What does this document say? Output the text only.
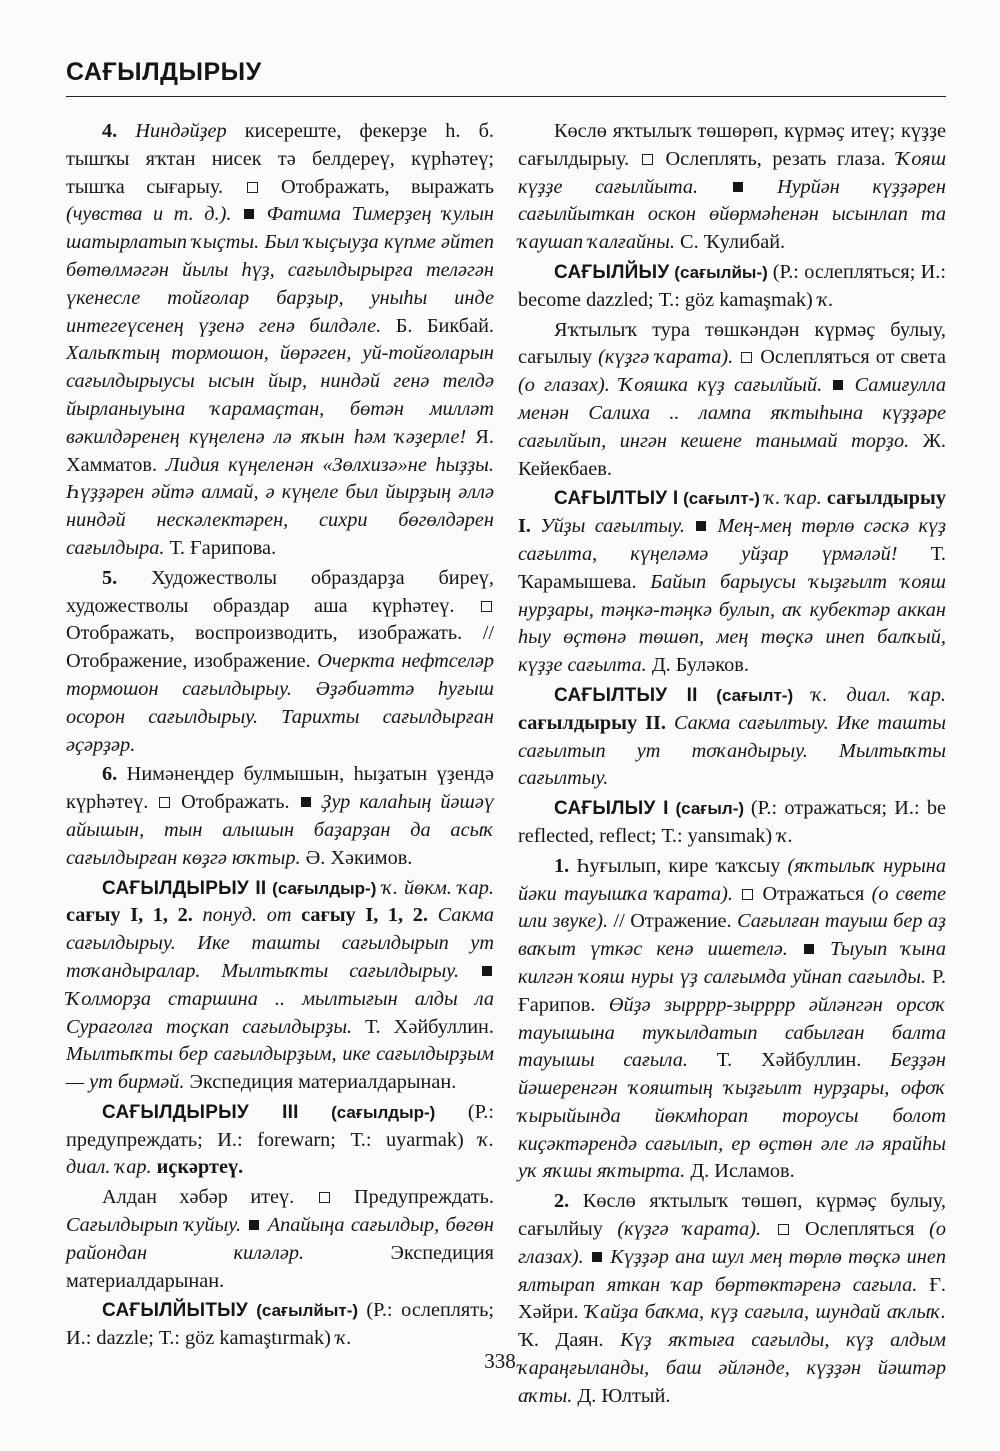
САҒЫЛДЫРЫУ

4. Ниндәйҙер кисереште, фекерҙе һ. б. тышҡы яҡтан нисек тә белдереү, күрһәтеү; тышҡа сығарыу.  Отображать, выражать (чувства и т. д.). Фатима Тимерҙең ҡулын шатырлатып ҡыҫты. Был ҡыҫыуҙа күпме әйтеп бөтөлмәгән йылы һүҙ, сағылдырырға теләгән үкенесле тойғолар барҙыр, уныһы инде интегеүсенең үҙенә генә билдәле. Б. Бикбай. Халыҡтың тормошон, йөрәген, уй-тойғоларын сағылдырыусы ысын йыр, ниндәй генә телдә йырланыуына ҡарамаҫтан, бөтән милләт вәкилдәренең күңеленә лә яҡын һәм ҡәҙерле! Я. Хамматов. Лидия күңеленән «Зөлхизә»не һыҙҙы. Һүҙҙәрен әйтә алмай, ә күңеле был йырҙың әллә ниндәй нескәлектәрен, сихри бөгөлдәрен сағылдыра. Т. Ғарипова.

5. Художестволы образдарҙа биреү, художестволы образдар аша күрһәтеү.  Отображать, воспроизводить, изображать. // Отображение, изображение. Очеркта нефтселәр тормошон сағылдырыу. Әҙәбиәттә һуғыш осорон сағылдырыу. Тарихты сағылдырған әҫәрҙәр.

6. Нимәнеңдер булмышын, һыҙатын үҙендә күрһәтеү.  Отображать.  Ҙур калаһың йәшәү айышын, тын алышын баҙарҙан да асыҡ сағылдырған көҙгә юҡтыр. Ә. Хәкимов.

САҒЫЛДЫРЫУ II (сағылдыр-) ҡ. йөкм. ҡар. сағыу I, 1, 2. понуд. от сағыу I, 1, 2. Сакма сағылдырыу. Ике ташты сағылдырып ут тоҡандыралар. Мылтыҡты сағылдырыу.  Ҡолморҙа старшина .. мылтығын алды ла Сураголға тоҫкап сағылдырҙы. Т. Хәйбуллин. Мылтыҡты бер сағылдырҙым, ике сағылдырҙым — ут бирмәй. Экспедиция материалдарынан.

САҒЫЛДЫРЫУ III (сағылдыр-) (Р.: предупреждать; И.: forewarn; Т.: uyarmak) ҡ. диал. ҡар. иҫкәртеү.

Алдан хәбәр итеү.  Предупреждать. Сағылдырып ҡуйыу. Апайыңа сағылдыр, бөгөн райондан киләләр. Экспедиция материалдарынан.

САҒЫЛЙЫТЫУ (сағылйыт-) (Р.: ослеплять; И.: dazzle; Т.: göz kamaştırmak) ҡ.

Көслө яҡтылыҡ төшөрөп, күрмәҫ итеү; күҙҙе сағылдырыу.  Ослеплять, резать глаза. Ҡояш күҙҙе сағылйыта.	Нурйән күҙҙәрен сағылйыткан оскон өйөрмәһенән ысынлап та ҡаушап ҡалғайны. С. Ҡулибай.

САҒЫЛЙЫУ (сағылйы-) (Р.: ослепляться; И.: become dazzled; Т.: göz kamaşmak) ҡ.

Яҡтылыҡ тура төшкәндән күрмәҫ булыу, сағылыу (күҙгә ҡарата).  Ослепляться от света (о глазах). Ҡояшка күҙ сағылйый. Самиғулла менән Салиха .. лампа яҡтыһына күҙҙәре сағылйып, ингән кешене танымай торҙо. Ж. Кейекбаев.

САҒЫЛТЫУ I (сағылт-) ҡ. ҡар. сағылдырыу I. Уйҙы сағылтыу. Мең-мең төрлө сәскә күҙ сағылта, күңеләмә уйҙар үрмәләй! Т. Ҡарамышева. Байып барыусы ҡыҙғылт ҡояш нурҙары, тәңкә-тәңкә булып, аҡ кубектәр аккан һыу өҫтөнә төшөп, мең төҫкә инеп балҡый, күҙҙе сағылта. Д. Буләков.

САҒЫЛТЫУ II (сағылт-) ҡ. диал. ҡар. сағылдырыу II. Сакма сағылтыу. Ике ташты сағылтып ут тоҡандырыу. Мылтыҡты сағылтыу.

САҒЫЛЫУ I (сағыл-) (Р.: отражаться; И.: be reflected, reflect; Т.: yansımak) ҡ.

1. Һуғылып, кире ҡаҡсыу (яҡтылыҡ нурына йәки тауышҡа ҡарата).  Отражаться (о свете или звуке). // Отражение. Сағылған тауыш бер аҙ ваҡыт үткәс кенә ишетелә. Тыуып ҡына килгән ҡояш нуры үҙ салғымда уйнап сағылды. Р. Ғарипов. Өйҙә зырррр-зырррр әйләнгән орсоҡ тауышына туҡылдатып сабылған балта тауышы сағыла. Т. Хәйбуллин. Беҙҙән йәшеренгән ҡояштың ҡыҙғылт нурҙары, офоҡ ҡырыйында йөкмһорап тороусы болот киҫәктәрендә сағылып, ер өҫтөн әле лә ярайһы уҡ яҡшы яҡтыртa. Д. Исламов.

2. Көслө яҡтылыҡ төшөп, күрмәҫ булыу, сағылйыу (күҙгә ҡарата).  Ослепляться (о глазах). Күҙҙәр ана шул мең төрлө төҫкә инеп ялтырап яткан ҡар бөртөктәренә сағыла. Ғ. Хәйри. Ҡайҙа баҡма, күҙ сағыла, шундай аҡлыҡ. Ҡ. Даян. Күҙ яҡтыға сағылды, күҙ алдым ҡараңғыланды, баш әйләнде, күҙҙән йәштәр аҡты. Д. Юлтый.

338
